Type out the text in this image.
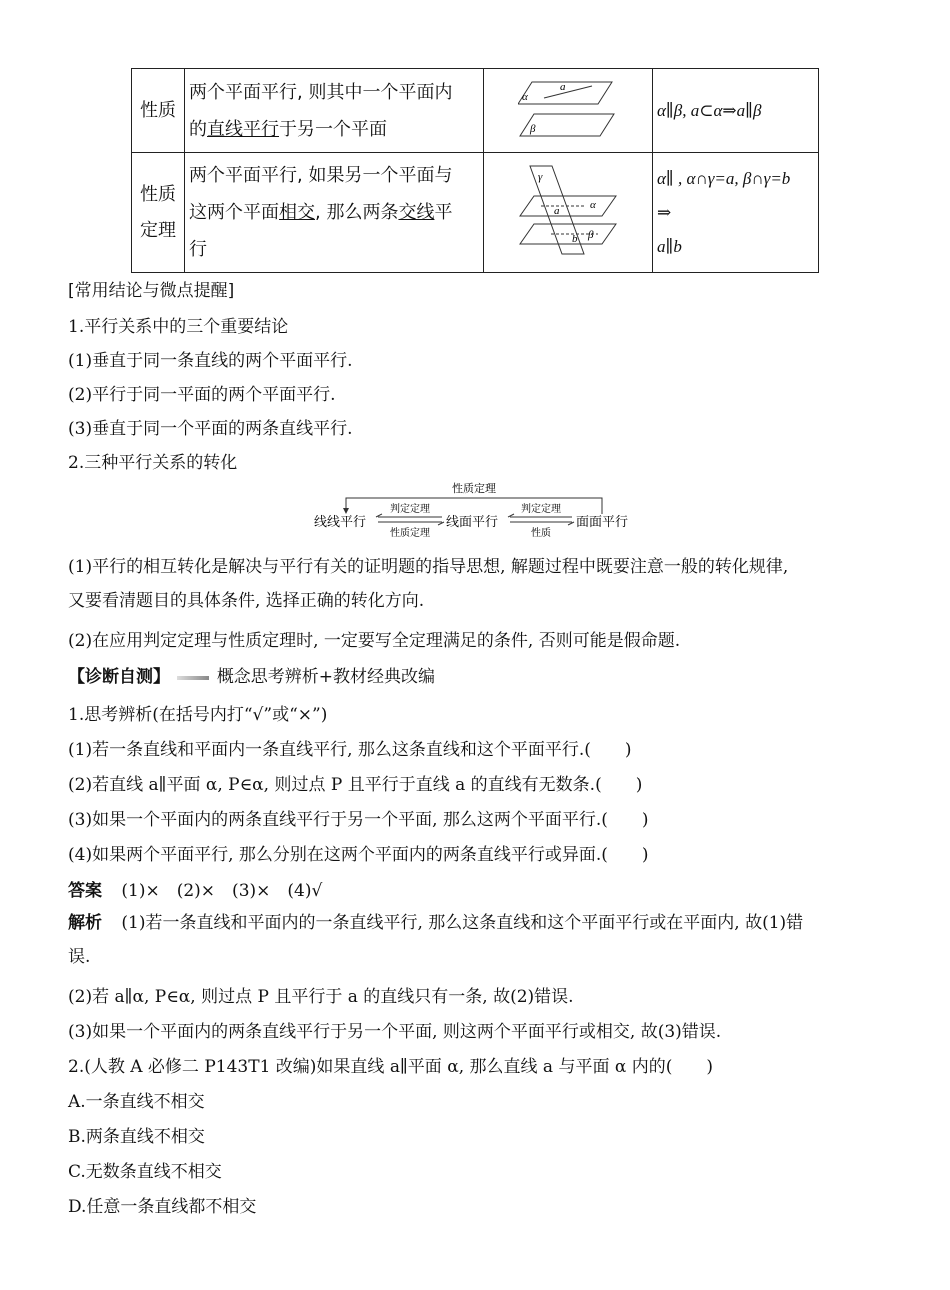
性质	两个平面平行, 则其中一个平面内
的直线平行于另一个平面	α
a
β	α∥β, a⊂α⇒a∥β
性质
定理	两个平面平行, 如果另一个平面与
这两个平面相交, 那么两条交线平
行	γ
α
a
b β	α∥ , α∩γ=a, β∩γ=b
⇒
a∥b
[常用结论与微点提醒]
1.平行关系中的三个重要结论
(1)垂直于同一条直线的两个平面平行.
(2)平行于同一平面的两个平面平行.
(3)垂直于同一个平面的两条直线平行.
2.三种平行关系的转化
性质定理
线线平行	线面平行	面面平行
判定定理
性质定理
判定定理
性质
(1)平行的相互转化是解决与平行有关的证明题的指导思想, 解题过程中既要注意一般的转化规律,
又要看清题目的具体条件, 选择正确的转化方向.
(2)在应用判定定理与性质定理时, 一定要写全定理满足的条件, 否则可能是假命题.
【诊断自测】	概念思考辨析+教材经典改编
1.思考辨析(在括号内打“√”或“×”)
(1)若一条直线和平面内一条直线平行, 那么这条直线和这个平面平行.(　　)
(2)若直线 a∥平面 α, P∈α, 则过点 P 且平行于直线 a 的直线有无数条.(　　)
(3)如果一个平面内的两条直线平行于另一个平面, 那么这两个平面平行.(　　)
(4)如果两个平面平行, 那么分别在这两个平面内的两条直线平行或异面.(　　)
答案 (1)×　(2)×　(3)×　(4)√
解析 (1)若一条直线和平面内的一条直线平行, 那么这条直线和这个平面平行或在平面内, 故(1)错
误.
(2)若 a∥α, P∈α, 则过点 P 且平行于 a 的直线只有一条, 故(2)错误.
(3)如果一个平面内的两条直线平行于另一个平面, 则这两个平面平行或相交, 故(3)错误.
2.(人教 A 必修二 P143T1 改编)如果直线 a∥平面 α, 那么直线 a 与平面 α 内的(　　)
A.一条直线不相交
B.两条直线不相交
C.无数条直线不相交
D.任意一条直线都不相交
